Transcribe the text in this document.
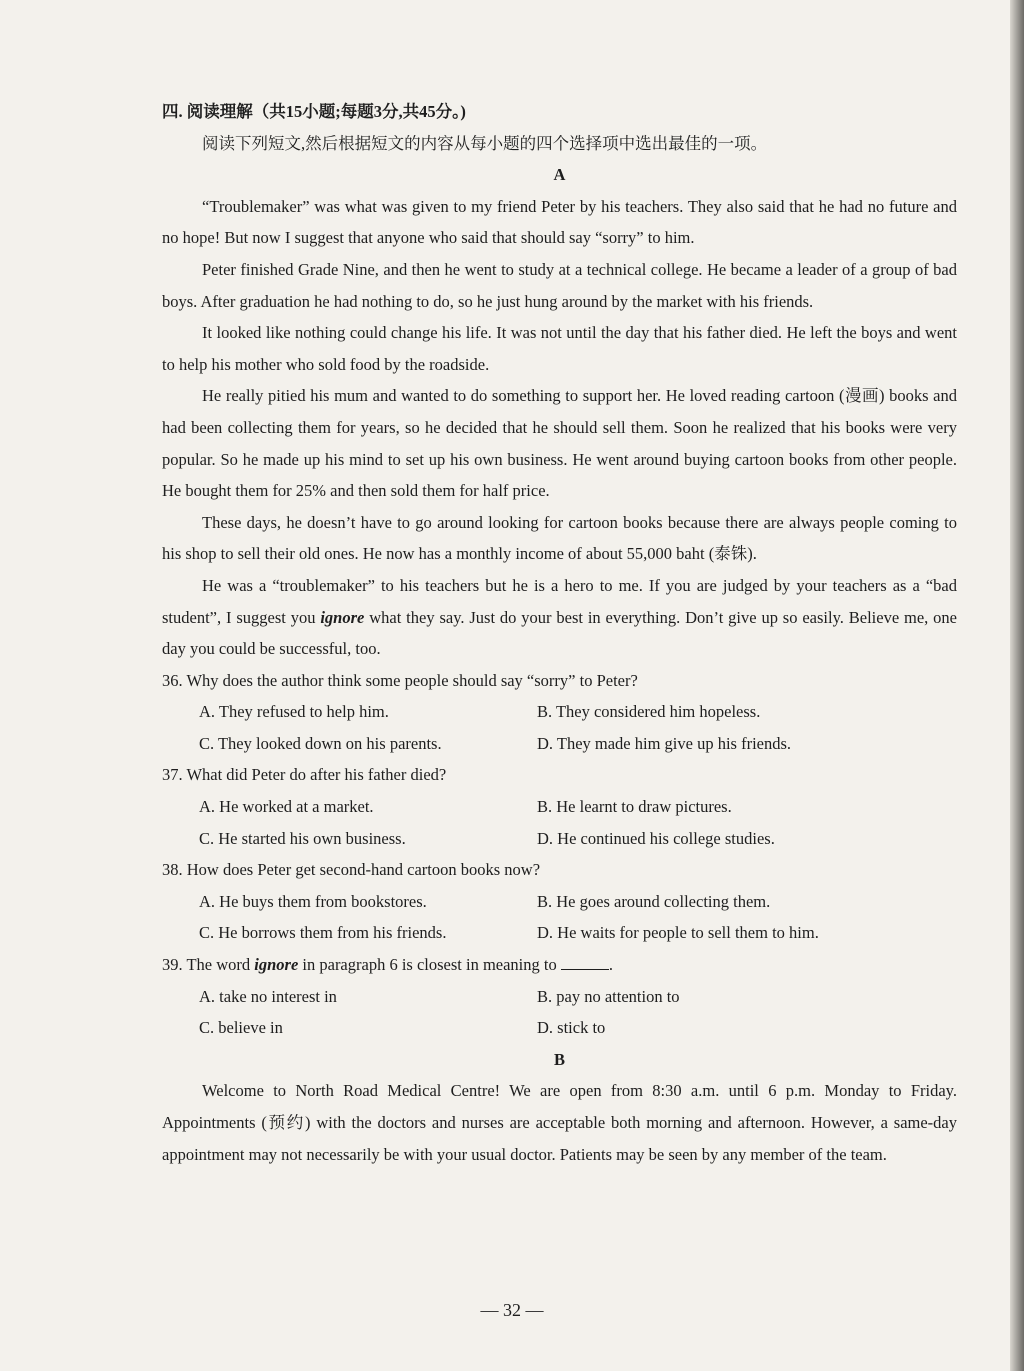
四. 阅读理解（共15小题;每题3分,共45分。)

阅读下列短文,然后根据短文的内容从每小题的四个选择项中选出最佳的一项。

A

“Troublemaker” was what was given to my friend Peter by his teachers. They also said that he had no future and no hope! But now I suggest that anyone who said that should say “sorry” to him.

Peter finished Grade Nine, and then he went to study at a technical college. He became a leader of a group of bad boys. After graduation he had nothing to do, so he just hung around by the market with his friends.

It looked like nothing could change his life. It was not until the day that his father died. He left the boys and went to help his mother who sold food by the roadside.

He really pitied his mum and wanted to do something to support her. He loved reading cartoon (漫画) books and had been collecting them for years, so he decided that he should sell them. Soon he realized that his books were very popular. So he made up his mind to set up his own business. He went around buying cartoon books from other people. He bought them for 25% and then sold them for half price.

These days, he doesn’t have to go around looking for cartoon books because there are always people coming to his shop to sell their old ones. He now has a monthly income of about 55,000 baht (泰铢).

He was a “troublemaker” to his teachers but he is a hero to me. If you are judged by your teachers as a “bad student”, I suggest you ignore what they say. Just do your best in everything. Don’t give up so easily. Believe me, one day you could be successful, too.

36. Why does the author think some people should say “sorry” to Peter?

A. They refused to help him.	B. They considered him hopeless.
C. They looked down on his parents.	D. They made him give up his friends.

37. What did Peter do after his father died?

A. He worked at a market.	B. He learnt to draw pictures.
C. He started his own business.	D. He continued his college studies.

38. How does Peter get second-hand cartoon books now?

A. He buys them from bookstores.	B. He goes around collecting them.
C. He borrows them from his friends.	D. He waits for people to sell them to him.

39. The word ignore in paragraph 6 is closest in meaning to	.

A. take no interest in	B. pay no attention to
C. believe in	D. stick to

B

Welcome to North Road Medical Centre! We are open from 8:30 a.m. until 6 p.m. Monday to Friday. Appointments (预约) with the doctors and nurses are acceptable both morning and afternoon. However, a same-day appointment may not necessarily be with your usual doctor. Patients may be seen by any member of the team.

— 32 —
